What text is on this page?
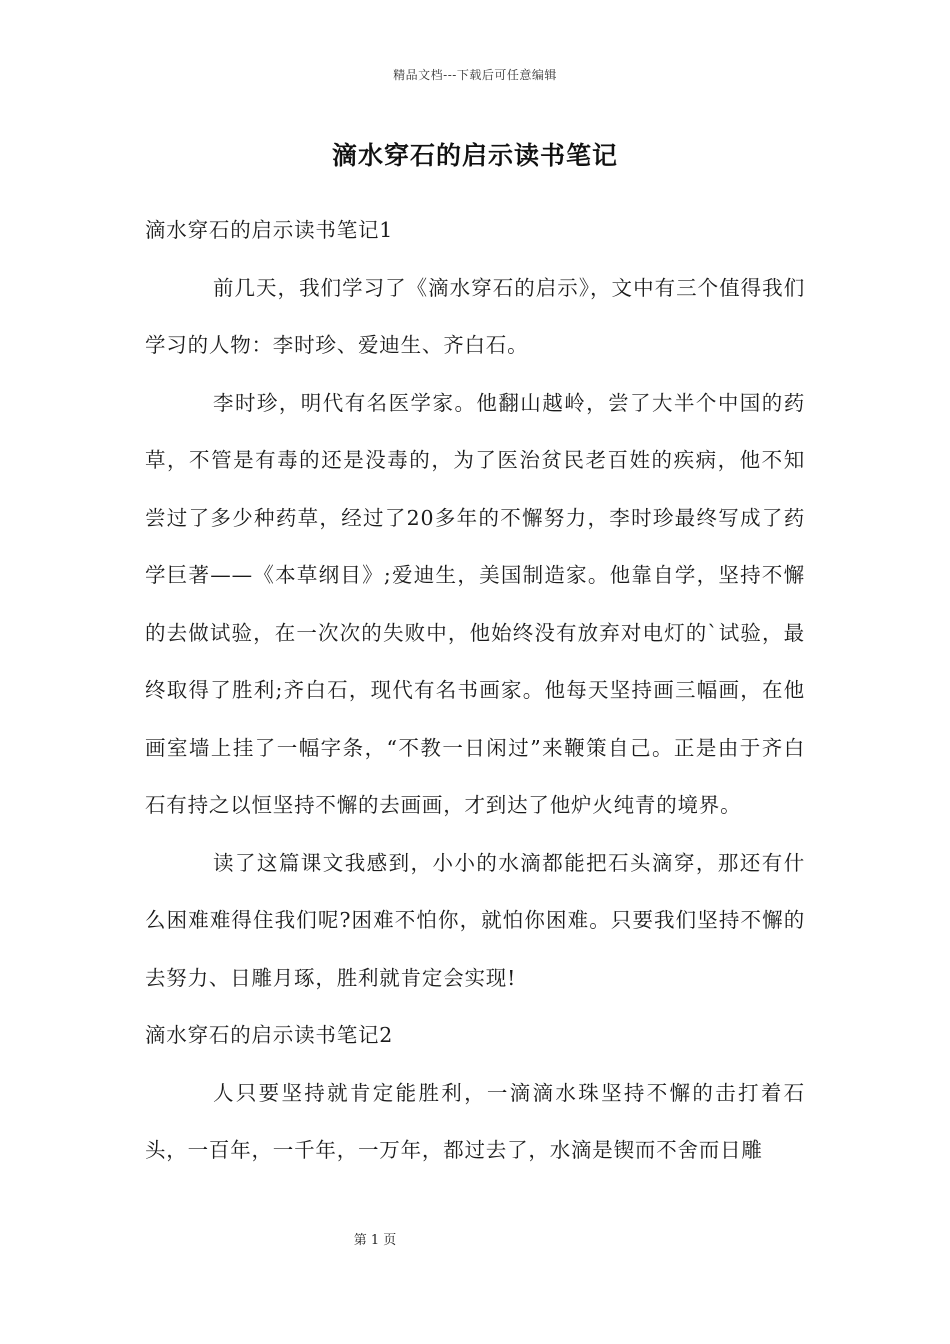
精品文档---下载后可任意编辑
滴水穿石的启示读书笔记

滴水穿石的启示读书笔记1

前几天，我们学习了《滴水穿石的启示》，文中有三个值得我们学习的人物：李时珍、爱迪生、齐白石。

李时珍，明代有名医学家。他翻山越岭，尝了大半个中国的药草，不管是有毒的还是没毒的，为了医治贫民老百姓的疾病，他不知尝过了多少种药草，经过了20多年的不懈努力，李时珍最终写成了药学巨著——《本草纲目》;爱迪生，美国制造家。他靠自学，坚持不懈的去做试验，在一次次的失败中，他始终没有放弃对电灯的`试验，最终取得了胜利;齐白石，现代有名书画家。他每天坚持画三幅画，在他画室墙上挂了一幅字条，“不教一日闲过”来鞭策自己。正是由于齐白石有持之以恒坚持不懈的去画画，才到达了他炉火纯青的境界。

读了这篇课文我感到，小小的水滴都能把石头滴穿，那还有什么困难难得住我们呢?困难不怕你，就怕你困难。只要我们坚持不懈的去努力、日雕月琢，胜利就肯定会实现!

滴水穿石的启示读书笔记2

人只要坚持就肯定能胜利，一滴滴水珠坚持不懈的击打着石头，一百年，一千年，一万年，都过去了，水滴是锲而不舍而日雕

第 1 页
